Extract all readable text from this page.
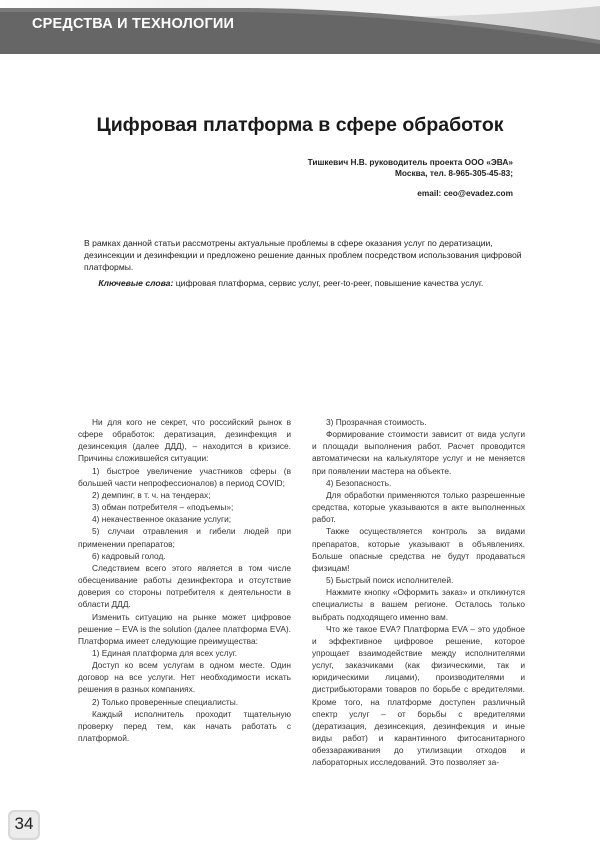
СРЕДСТВА И ТЕХНОЛОГИИ
Цифровая платформа в сфере обработок
Тишкевич Н.В. руководитель проекта ООО «ЭВА»
Москва, тел. 8-965-305-45-83;
email: ceo@evadez.com

В рамках данной статьи рассмотрены актуальные проблемы в сфере оказания услуг по дератизации, дезинсекции и дезинфекции и предложено решение данных проблем посредством использования цифровой платформы.

Ключевые слова: цифровая платформа, сервис услуг, peer-to-peer, повышение качества услуг.

Ни для кого не секрет, что российский рынок в сфере обработок: дератизация, дезинфекция и дезинсекция (далее ДДД), – находится в кризисе. Причины сложившейся ситуации:

1) быстрое увеличение участников сферы (в большей части непрофессионалов) в период COVID;

2) демпинг, в т. ч. на тендерах;

3) обман потребителя – «подъемы»;

4) некачественное оказание услуги;

5) случаи отравления и гибели людей при применении препаратов;

6) кадровый голод.

Следствием всего этого является в том числе обесценивание работы дезинфектора и отсутствие доверия со стороны потребителя к деятельности в области ДДД.

Изменить ситуацию на рынке может цифровое решение – EVA is the solution (далее платформа EVA). Платформа имеет следующие преимущества:

1) Единая платформа для всех услуг.

Доступ ко всем услугам в одном месте. Один договор на все услуги. Нет необходимости искать решения в разных компаниях.

2) Только проверенные специалисты.

Каждый исполнитель проходит тщательную проверку перед тем, как начать работать с платформой.

3) Прозрачная стоимость.

Формирование стоимости зависит от вида услуги и площади выполнения работ. Расчет проводится автоматически на калькуляторе услуг и не меняется при появлении мастера на объекте.

4) Безопасность.

Для обработки применяются только разрешенные средства, которые указываются в акте выполненных работ.

Также осуществляется контроль за видами препаратов, которые указывают в объявлениях. Больше опасные средства не будут продаваться физицам!

5) Быстрый поиск исполнителей.

Нажмите кнопку «Оформить заказ» и откликнутся специалисты в вашем регионе. Осталось только выбрать подходящего именно вам.

Что же такое EVA? Платформа EVA – это удобное и эффективное цифровое решение, которое упрощает взаимодействие между исполнителями услуг, заказчиками (как физическими, так и юридическими лицами), производителями и дистрибьюторами товаров по борьбе с вредителями. Кроме того, на платформе доступен различный спектр услуг – от борьбы с вредителями (дератизация, дезинсекция, дезинфекция и иные виды работ) и карантинного фитосанитарного обеззараживания до утилизации отходов и лабораторных исследований. Это позволяет за-

34
